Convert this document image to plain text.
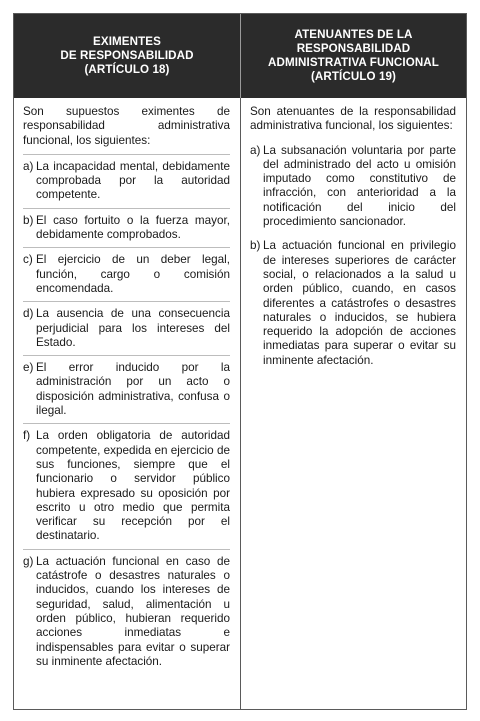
EXIMENTES
DE RESPONSABILIDAD
(ARTÍCULO 18)
ATENUANTES DE LA
RESPONSABILIDAD
ADMINISTRATIVA FUNCIONAL
(ARTÍCULO 19)

Son supuestos eximentes de responsabilidad administrativa funcional, los siguientes:

a) La incapacidad mental, debidamente comprobada por la autoridad competente.
b) El caso fortuito o la fuerza mayor, debidamente comprobados.
c) El ejercicio de un deber legal, función, cargo o comisión encomendada.
d) La ausencia de una consecuencia perjudicial para los intereses del Estado.
e) El error inducido por la administración por un acto o disposición administrativa, confusa o ilegal.
f) La orden obligatoria de autoridad competente, expedida en ejercicio de sus funciones, siempre que el funcionario o servidor público hubiera expresado su oposición por escrito u otro medio que permita verificar su recepción por el destinatario.
g) La actuación funcional en caso de catástrofe o desastres naturales o inducidos, cuando los intereses de seguridad, salud, alimentación u orden público, hubieran requerido acciones inmediatas e indispensables para evitar o superar su inminente afectación.

Son atenuantes de la responsabilidad administrativa funcional, los siguientes:

a) La subsanación voluntaria por parte del administrado del acto u omisión imputado como constitutivo de infracción, con anterioridad a la notificación del inicio del procedimiento sancionador.
b) La actuación funcional en privilegio de intereses superiores de carácter social, o relacionados a la salud u orden público, cuando, en casos diferentes a catástrofes o desastres naturales o inducidos, se hubiera requerido la adopción de acciones inmediatas para superar o evitar su inminente afectación.
